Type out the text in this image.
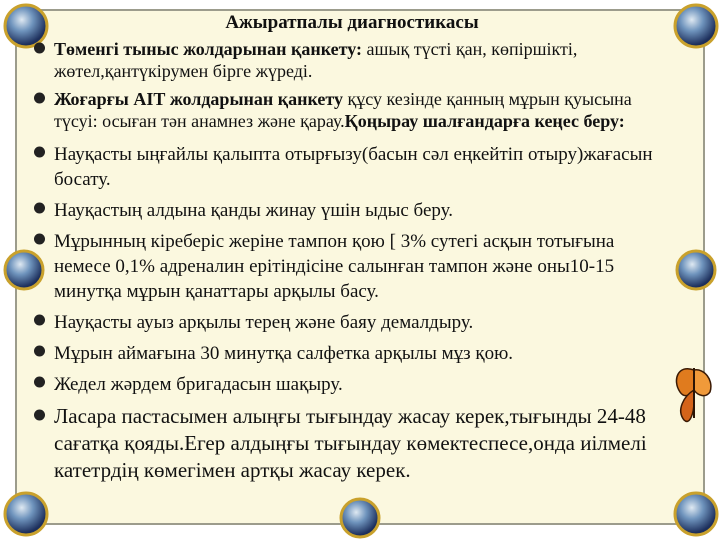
Ажыратпалы диагностикасы

Төменгі тыныс жолдарынан қанкету: ашық түсті қан, көпіршікті, жөтел,қантүкірумен бірге жүреді.

Жоғарғы АІТ жолдарынан қанкету құсу кезінде қанның мұрын қуысына түсуі: осыған тән анамнез және қарау.Қоңырау шалғандарға кеңес беру:

Науқасты ыңғайлы қалыпта отырғызу(басын сәл еңкейтіп отыру)жағасын босату.

Науқастың алдына қанды жинау үшін ыдыс беру.

Мұрынның кіреберіс жеріне тампон қою [ 3% сутегі асқын тотығына немесе 0,1% адреналин ерітіндісіне салынған тампон және оны10-15 минутқа мұрын қанаттары арқылы басу.

Науқасты ауыз арқылы терең және баяу демалдыру.

Мұрын аймағына 30 минутқа салфетка арқылы мұз қою.

Жедел жәрдем бригадасын шақыру.

Ласара пастасымен алыңғы тығындау жасау керек,тығынды 24-48 сағатқа қояды.Егер алдыңғы тығындау көмектеспесе,онда иілмелі катетрдің көмегімен артқы жасау керек.
